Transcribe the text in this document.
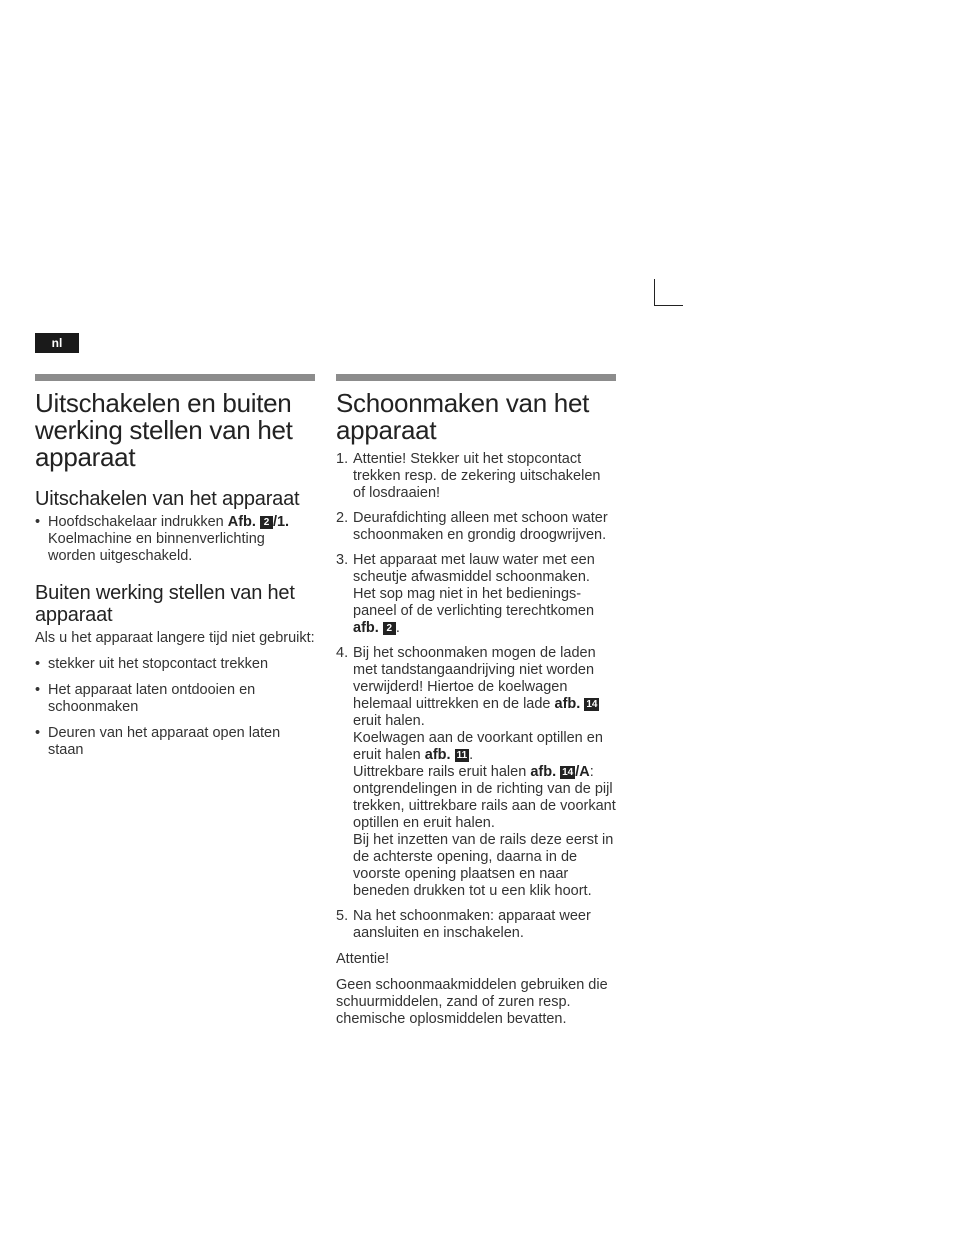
nl
Uitschakelen en buiten werking stellen van het apparaat
Uitschakelen van het apparaat
• Hoofdschakelaar indrukken Afb. 2 /1.
Koelmachine en binnenverlichting
worden uitgeschakeld.
Buiten werking stellen van het apparaat

Als u het apparaat langere tijd niet gebruikt:

• stekker uit het stopcontact trekken
• Het apparaat laten ontdooien en schoonmaken
• Deuren van het apparaat open laten staan
Schoonmaken van het apparaat
1. Attentie! Stekker uit het stopcontact trekken resp. de zekering uitschakelen of losdraaien!
2. Deurafdichting alleen met schoon water schoonmaken en grondig droogwrijven.
3. Het apparaat met lauw water met een scheutje afwasmiddel schoonmaken. Het sop mag niet in het bedienings-paneel of de verlichting terechtkomen afb. 2 .
4. Bij het schoonmaken mogen de laden met tandstangaandrijving niet worden verwijderd! Hiertoe de koelwagen helemaal uittrekken en de lade afb. 14 eruit halen.
Koelwagen aan de voorkant optillen en eruit halen afb. 11 .
Uittrekbare rails eruit halen afb. 14 /A: ontgrendelingen in de richting van de pijl trekken, uittrekbare rails aan de voorkant optillen en eruit halen.
Bij het inzetten van de rails deze eerst in de achterste opening, daarna in de voorste opening plaatsen en naar beneden drukken tot u een klik hoort.
5. Na het schoonmaken: apparaat weer aansluiten en inschakelen.

Attentie!

Geen schoonmaakmiddelen gebruiken die schuurmiddelen, zand of zuren resp. chemische oplosmiddelen bevatten.
